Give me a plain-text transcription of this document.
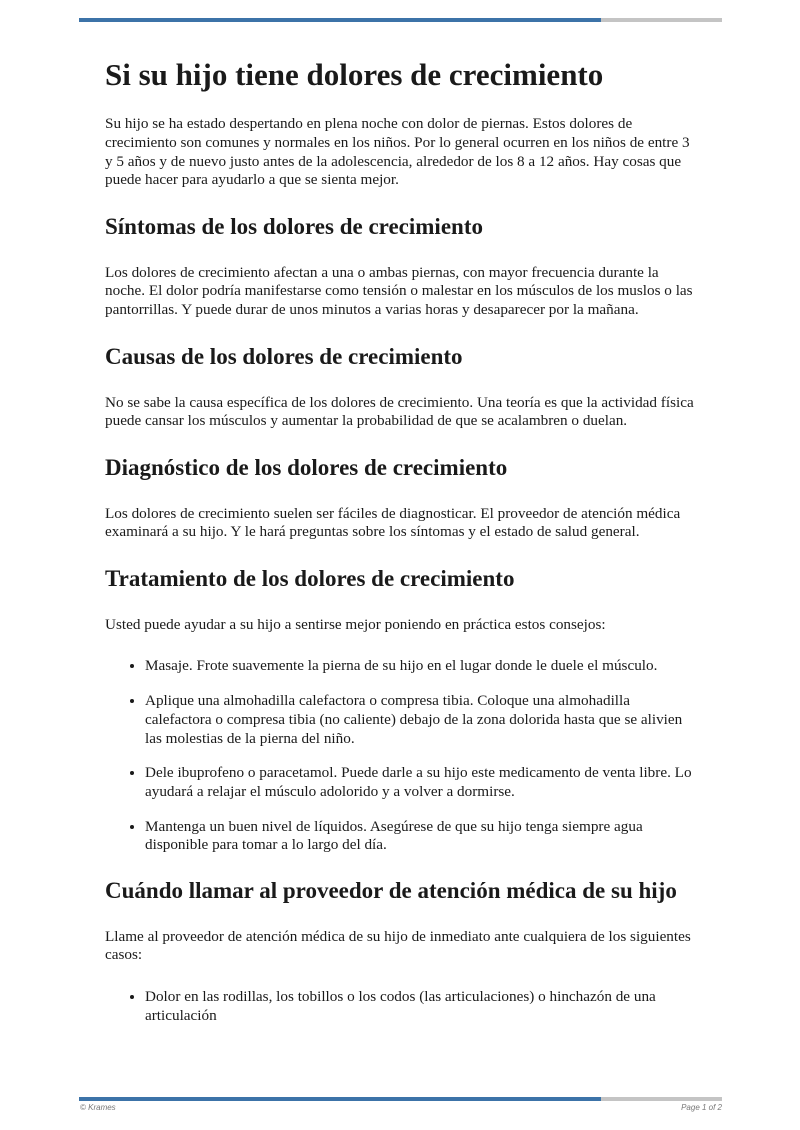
Si su hijo tiene dolores de crecimiento

Su hijo se ha estado despertando en plena noche con dolor de piernas. Estos dolores de crecimiento son comunes y normales en los niños. Por lo general ocurren en los niños de entre 3 y 5 años y de nuevo justo antes de la adolescencia, alrededor de los 8 a 12 años. Hay cosas que puede hacer para ayudarlo a que se sienta mejor.

Síntomas de los dolores de crecimiento

Los dolores de crecimiento afectan a una o ambas piernas, con mayor frecuencia durante la noche. El dolor podría manifestarse como tensión o malestar en los músculos de los muslos o las pantorrillas. Y puede durar de unos minutos a varias horas y desaparecer por la mañana.

Causas de los dolores de crecimiento

No se sabe la causa específica de los dolores de crecimiento. Una teoría es que la actividad física puede cansar los músculos y aumentar la probabilidad de que se acalambren o duelan.

Diagnóstico de los dolores de crecimiento

Los dolores de crecimiento suelen ser fáciles de diagnosticar. El proveedor de atención médica examinará a su hijo. Y le hará preguntas sobre los síntomas y el estado de salud general.

Tratamiento de los dolores de crecimiento

Usted puede ayudar a su hijo a sentirse mejor poniendo en práctica estos consejos:

• Masaje. Frote suavemente la pierna de su hijo en el lugar donde le duele el músculo.
• Aplique una almohadilla calefactora o compresa tibia. Coloque una almohadilla calefactora o compresa tibia (no caliente) debajo de la zona dolorida hasta que se alivien las molestias de la pierna del niño.
• Dele ibuprofeno o paracetamol. Puede darle a su hijo este medicamento de venta libre. Lo ayudará a relajar el músculo adolorido y a volver a dormirse.
• Mantenga un buen nivel de líquidos. Asegúrese de que su hijo tenga siempre agua disponible para tomar a lo largo del día.
Cuándo llamar al proveedor de atención médica de su hijo

Llame al proveedor de atención médica de su hijo de inmediato ante cualquiera de los siguientes casos:

• Dolor en las rodillas, los tobillos o los codos (las articulaciones) o hinchazón de una articulación
© Krames	Page 1 of 2
